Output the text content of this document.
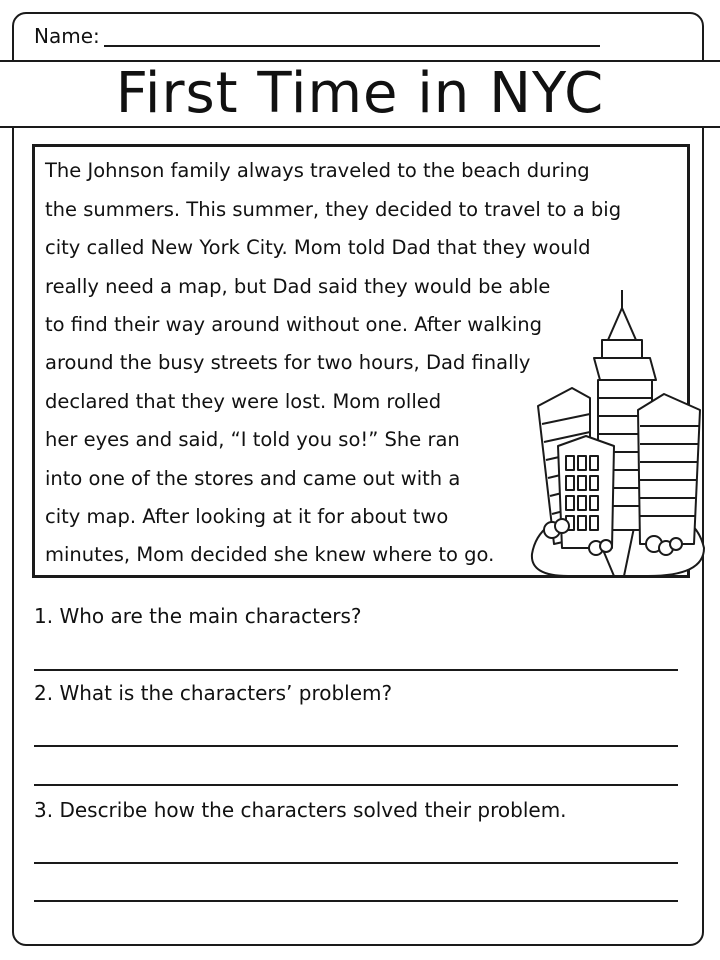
Name:
First Time in NYC
The Johnson family always traveled to the beach during
the summers. This summer, they decided to travel to a big
city called New York City. Mom told Dad that they would
really need a map, but Dad said they would be able
to find their way around without one. After walking
around the busy streets for two hours, Dad finally
declared that they were lost. Mom rolled
her eyes and said, “I told you so!” She ran
into one of the stores and came out with a
city map. After looking at it for about two
minutes, Mom decided she knew where to go.
1. Who are the main characters?
2. What is the characters’ problem?
3. Describe how the characters solved their problem.
